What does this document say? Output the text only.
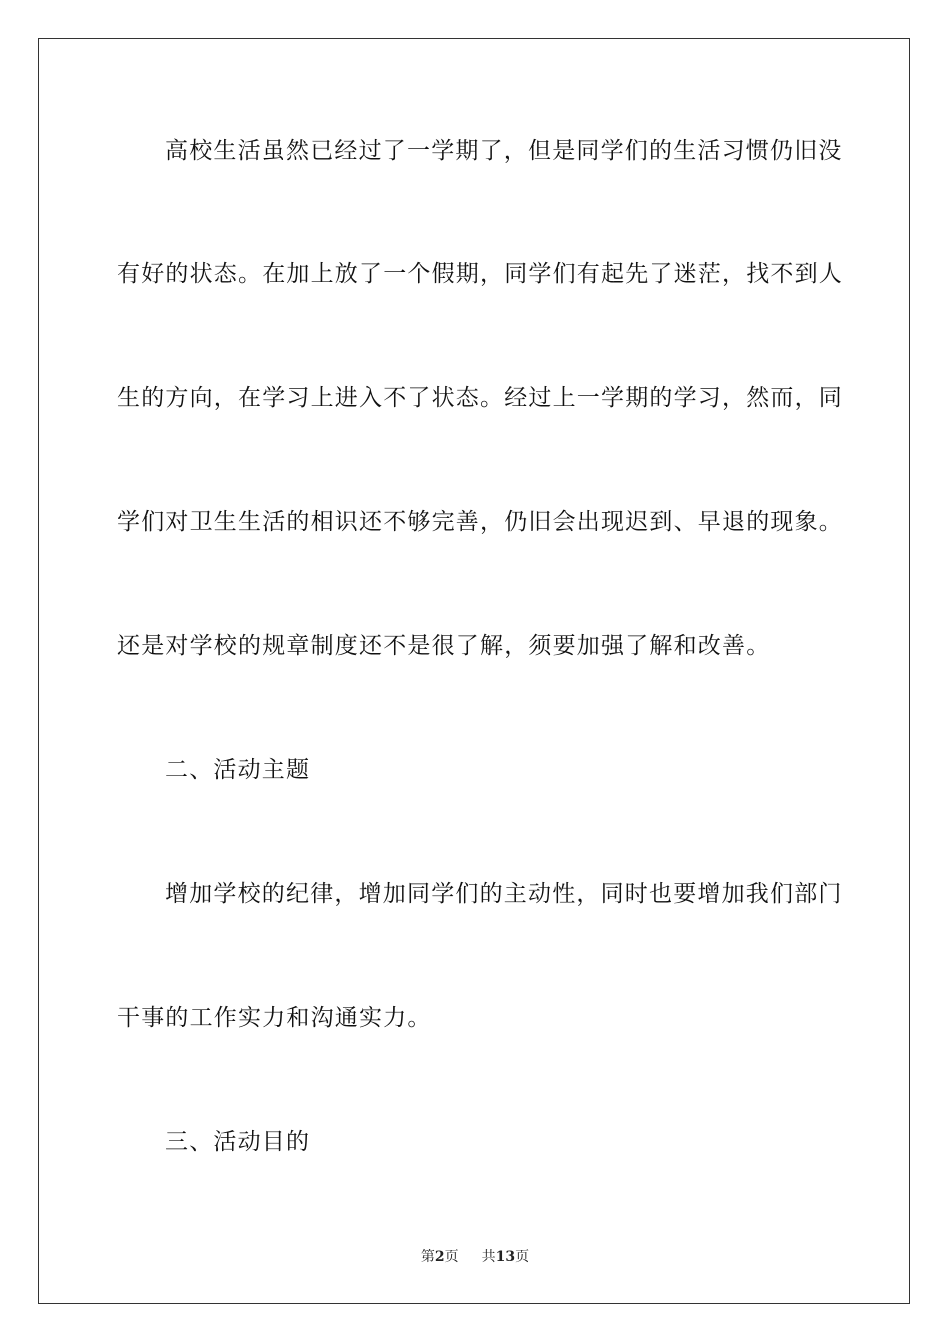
高校生活虽然已经过了一学期了，但是同学们的生活习惯仍旧没
有好的状态。在加上放了一个假期，同学们有起先了迷茫，找不到人
生的方向，在学习上进入不了状态。经过上一学期的学习，然而，同
学们对卫生生活的相识还不够完善，仍旧会出现迟到、早退的现象。
还是对学校的规章制度还不是很了解，须要加强了解和改善。
二、活动主题
增加学校的纪律，增加同学们的主动性，同时也要增加我们部门
干事的工作实力和沟通实力。
三、活动目的
第2页 共13页
